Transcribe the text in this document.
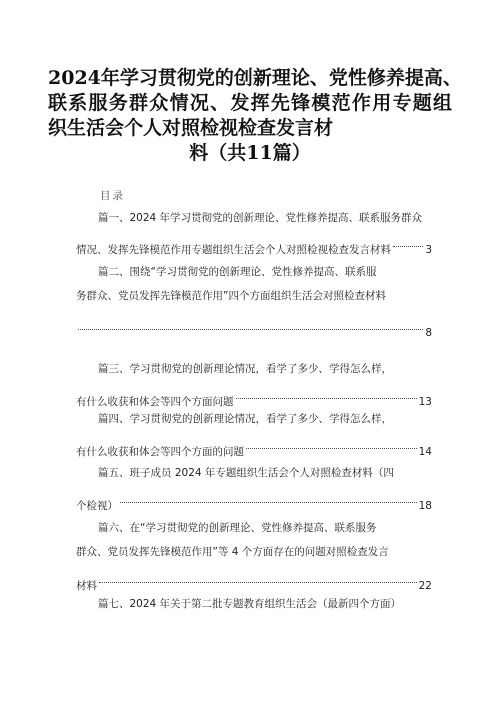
2024年学习贯彻党的创新理论、党性修养提高、
联系服务群众情况、发挥先锋模范作用专题组
织生活会个人对照检视检查发言材
料（共11篇）
目录
篇一、2024 年学习贯彻党的创新理论、党性修养提高、联系服务群众
情况、发挥先锋模范作用专题组织生活会个人对照检视检查发言材料	3
篇二、围绕“学习贯彻党的创新理论、党性修养提高、联系服
务群众、党员发挥先锋模范作用”四个方面组织生活会对照检查材料
8
篇三、学习贯彻党的创新理论情况，看学了多少、学得怎么样，
有什么收获和体会等四个方面问题	13
篇四、学习贯彻党的创新理论情况，看学了多少、学得怎么样，
有什么收获和体会等四个方面的问题	14
篇五、班子成员 2024 年专题组织生活会个人对照检查材料（四
个检视）	18
篇六、在“学习贯彻党的创新理论、党性修养提高、联系服务
群众、党员发挥先锋模范作用”等 4 个方面存在的问题对照检查发言
材料	22
篇七、2024 年关于第二批专题教育组织生活会（最新四个方面）
